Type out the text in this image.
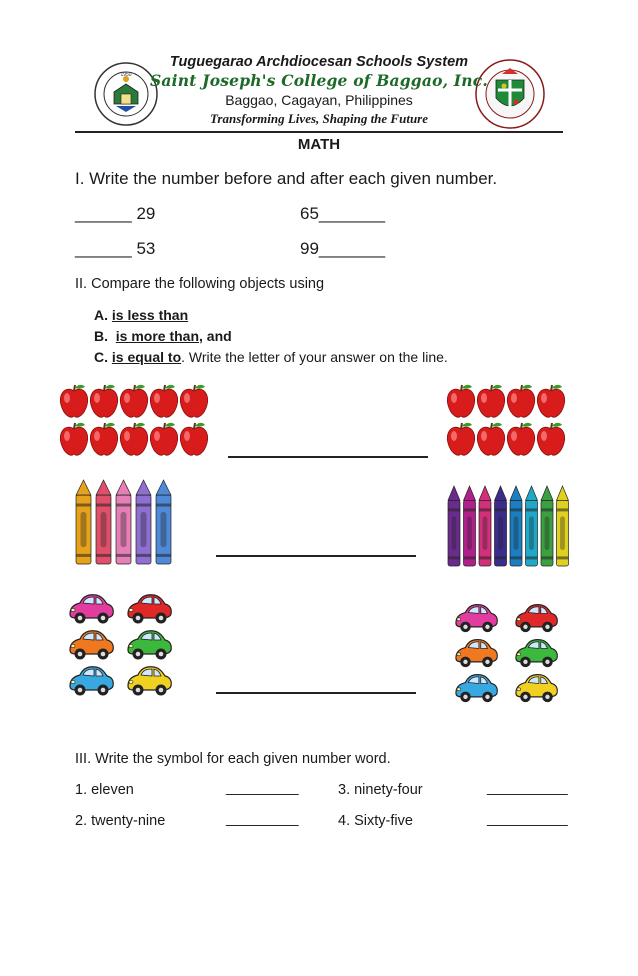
1950
Tuguegarao Archdiocesan Schools System
Saint Joseph's College of Baggao, Inc.
Baggao, Cagayan, Philippines
Transforming Lives, Shaping the Future
MATH
I. Write the number before and after each given number.
______ 29	65_______
______ 53	99_______
II. Compare the following objects using
A. is less than
B. is more than, and
C. is equal to. Write the letter of your answer on the line.
III. Write the symbol for each given number word.
1. eleven	_________	3. ninety-four	__________
2. twenty-nine	_________	4. Sixty-five	__________
